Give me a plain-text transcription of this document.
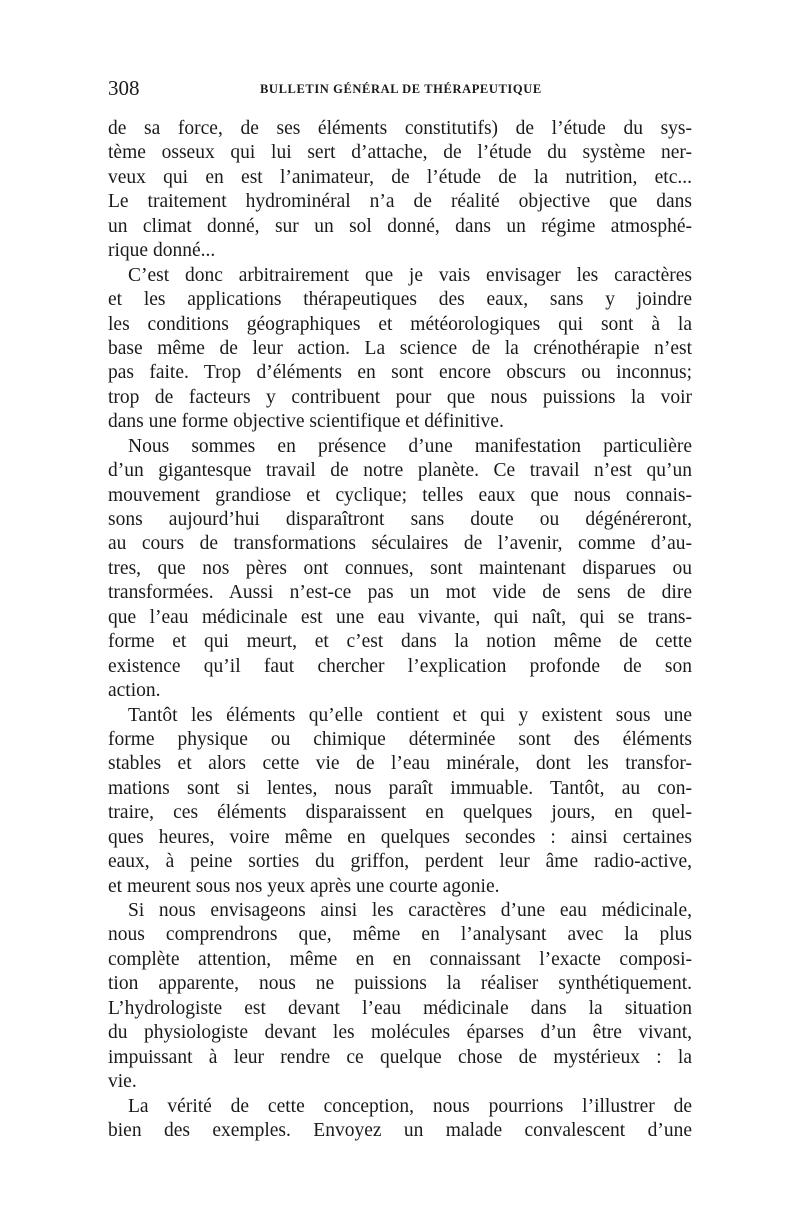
308	BULLETIN GÉNÉRAL DE THÉRAPEUTIQUE
de sa force, de ses éléments constitutifs) de l’étude du sys-
tème osseux qui lui sert d’attache, de l’étude du système ner-
veux qui en est l’animateur, de l’étude de la nutrition, etc...
Le traitement hydrominéral n’a de réalité objective que dans
un climat donné, sur un sol donné, dans un régime atmosphé-
rique donné...
C’est donc arbitrairement que je vais envisager les caractères
et les applications thérapeutiques des eaux, sans y joindre
les conditions géographiques et météorologiques qui sont à la
base même de leur action. La science de la crénothérapie n’est
pas faite. Trop d’éléments en sont encore obscurs ou inconnus;
trop de facteurs y contribuent pour que nous puissions la voir
dans une forme objective scientifique et définitive.
Nous sommes en présence d’une manifestation particulière
d’un gigantesque travail de notre planète. Ce travail n’est qu’un
mouvement grandiose et cyclique; telles eaux que nous connais-
sons aujourd’hui disparaîtront sans doute ou dégénéreront,
au cours de transformations séculaires de l’avenir, comme d’au-
tres, que nos pères ont connues, sont maintenant disparues ou
transformées. Aussi n’est-ce pas un mot vide de sens de dire
que l’eau médicinale est une eau vivante, qui naît, qui se trans-
forme et qui meurt, et c’est dans la notion même de cette
existence qu’il faut chercher l’explication profonde de son
action.
Tantôt les éléments qu’elle contient et qui y existent sous une
forme physique ou chimique déterminée sont des éléments
stables et alors cette vie de l’eau minérale, dont les transfor-
mations sont si lentes, nous paraît immuable. Tantôt, au con-
traire, ces éléments disparaissent en quelques jours, en quel-
ques heures, voire même en quelques secondes : ainsi certaines
eaux, à peine sorties du griffon, perdent leur âme radio-active,
et meurent sous nos yeux après une courte agonie.
Si nous envisageons ainsi les caractères d’une eau médicinale,
nous comprendrons que, même en l’analysant avec la plus
complète attention, même en en connaissant l’exacte composi-
tion apparente, nous ne puissions la réaliser synthétiquement.
L’hydrologiste est devant l’eau médicinale dans la situation
du physiologiste devant les molécules éparses d’un être vivant,
impuissant à leur rendre ce quelque chose de mystérieux : la
vie.
La vérité de cette conception, nous pourrions l’illustrer de
bien des exemples. Envoyez un malade convalescent d’une
